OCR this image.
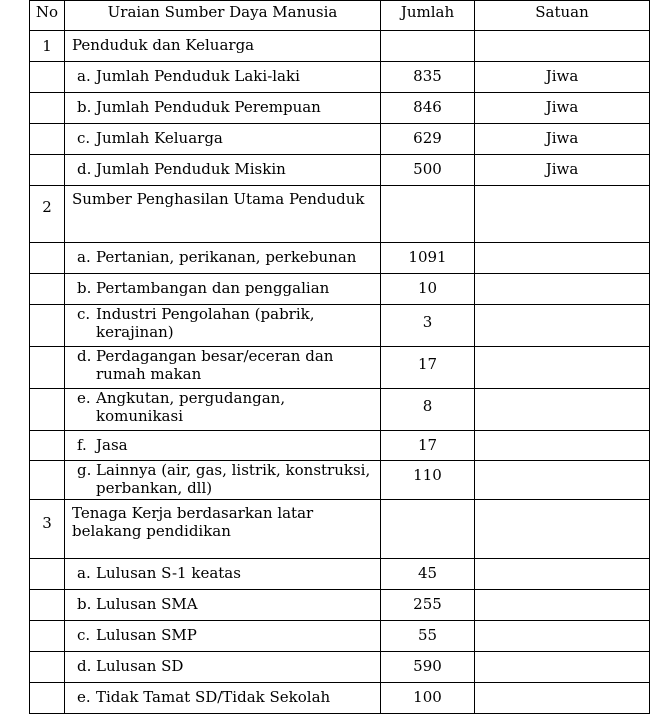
No	Uraian Sumber Daya Manusia	Jumlah	Satuan
1	Penduduk dan Keluarga		

	a. Jumlah Penduduk Laki-laki	835	Jiwa

	b. Jumlah Penduduk Perempuan	846	Jiwa

	c. Jumlah Keluarga	629	Jiwa

	d. Jumlah Penduduk Miskin	500	Jiwa
2	Sumber Penghasilan Utama Penduduk		

	a. Pertanian, perikanan, perkebunan	1091	

	b. Pertambangan dan penggalian	10	

	c. Industri Pengolahan (pabrik, kerajinan)	3	

	d. Perdagangan besar/eceran dan rumah makan	17	

	e. Angkutan, pergudangan, komunikasi	8	

	f. Jasa	17	

	g. Lainnya (air, gas, listrik, konstruksi, perbankan, dll)	110	
3	Tenaga Kerja berdasarkan latar belakang pendidikan		

	a. Lulusan S-1 keatas	45	

	b. Lulusan SMA	255	

	c. Lulusan SMP	55	

	d. Lulusan SD	590	

	e. Tidak Tamat SD/Tidak Sekolah	100	
